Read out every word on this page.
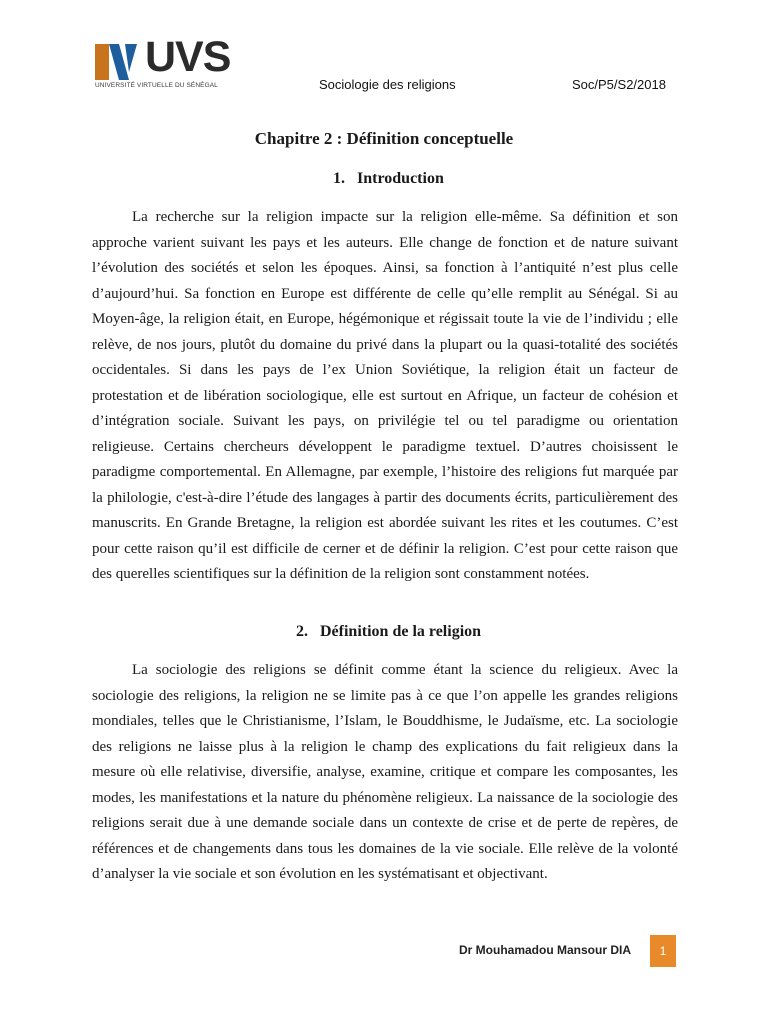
UVS
UNIVERSITÉ VIRTUELLE DU SÉNÉGAL	Sociologie des religions	Soc/P5/S2/2018
Chapitre 2 : Définition conceptuelle
1.   Introduction

La recherche sur la religion impacte sur la religion elle-même. Sa définition et son approche varient suivant les pays et les auteurs. Elle change de fonction et de nature suivant l’évolution des sociétés et selon les époques. Ainsi, sa fonction à l’antiquité n’est plus celle d’aujourd’hui. Sa fonction en Europe est différente de celle qu’elle remplit au Sénégal. Si au Moyen-âge, la religion était, en Europe, hégémonique et régissait toute la vie de l’individu ; elle relève, de nos jours, plutôt du domaine du privé dans la plupart ou la quasi-totalité des sociétés occidentales. Si dans les pays de l’ex Union Soviétique, la religion était un facteur de protestation et de libération sociologique, elle est surtout en Afrique, un facteur de cohésion et d’intégration sociale. Suivant les pays, on privilégie tel ou tel paradigme ou orientation religieuse. Certains chercheurs développent le paradigme textuel. D’autres choisissent le paradigme comportemental. En Allemagne, par exemple, l’histoire des religions fut marquée par la philologie, c'est-à-dire l’étude des langages à partir des documents écrits, particulièrement des manuscrits. En Grande Bretagne, la religion est abordée suivant les rites et les coutumes. C’est pour cette raison qu’il est difficile de cerner et de définir la religion. C’est pour cette raison que des querelles scientifiques sur la définition de la religion sont constamment notées.

2.   Définition de la religion

La sociologie des religions se définit comme étant la science du religieux. Avec la sociologie des religions, la religion ne se limite pas à ce que l’on appelle les grandes religions mondiales, telles que le Christianisme, l’Islam, le Bouddhisme, le Judaïsme, etc. La sociologie des religions ne laisse plus à la religion le champ des explications du fait religieux dans la mesure où elle relativise, diversifie, analyse, examine, critique et compare les composantes, les modes, les manifestations et la nature du phénomène religieux. La naissance de la sociologie des religions serait due à une demande sociale dans un contexte de crise et de perte de repères, de références et de changements dans tous les domaines de la vie sociale. Elle relève de la volonté d’analyser la vie sociale et son évolution en les systématisant et objectivant.

Dr Mouhamadou Mansour DIA	1
